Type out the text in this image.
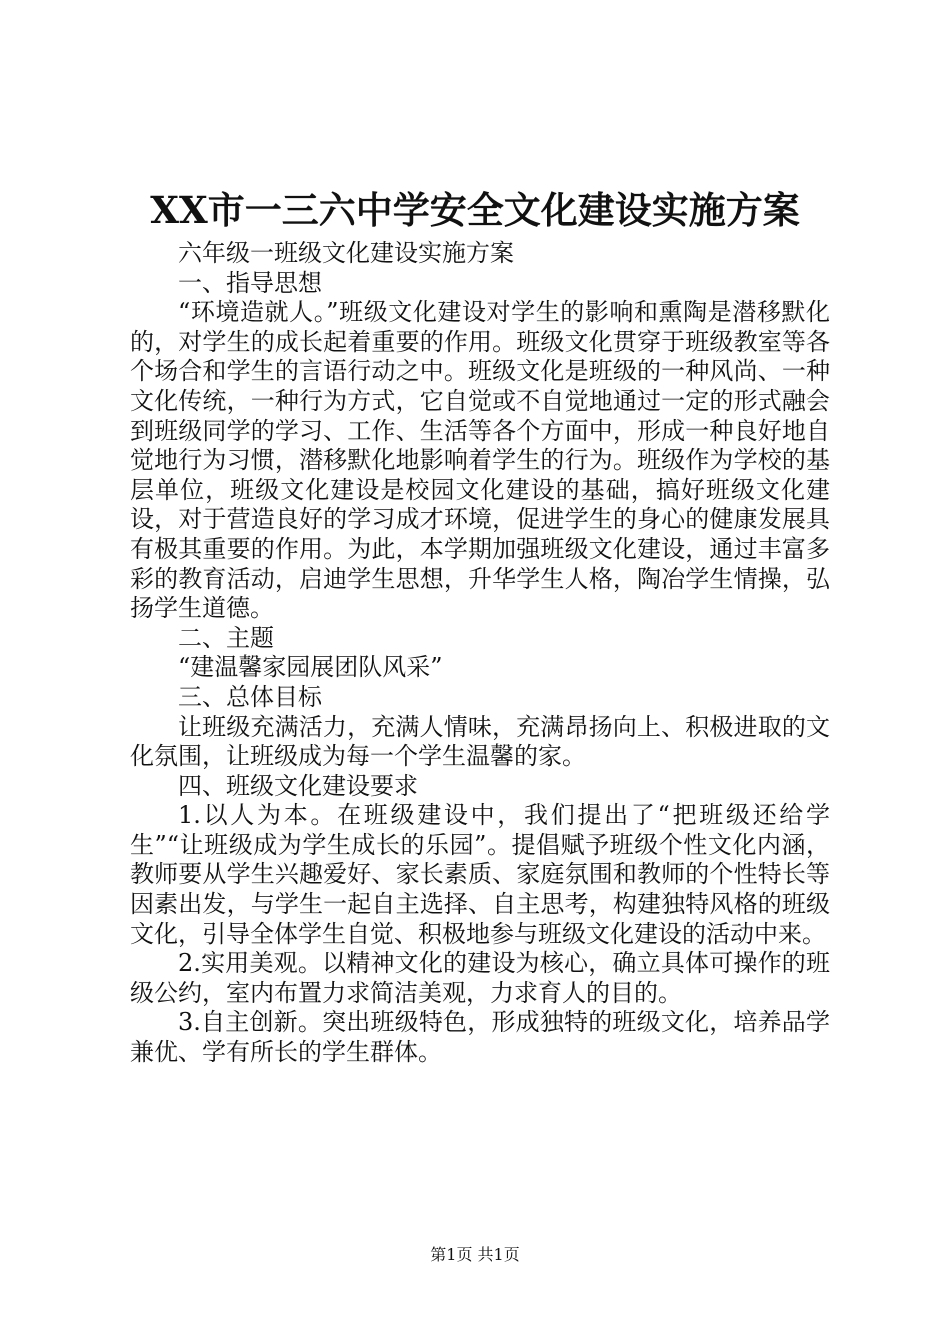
XX市一三六中学安全文化建设实施方案

六年级一班级文化建设实施方案

一、指导思想

“环境造就人。”班级文化建设对学生的影响和熏陶是潜移默化的，对学生的成长起着重要的作用。班级文化贯穿于班级教室等各个场合和学生的言语行动之中。班级文化是班级的一种风尚、一种文化传统，一种行为方式，它自觉或不自觉地通过一定的形式融会到班级同学的学习、工作、生活等各个方面中，形成一种良好地自觉地行为习惯，潜移默化地影响着学生的行为。班级作为学校的基层单位，班级文化建设是校园文化建设的基础，搞好班级文化建设，对于营造良好的学习成才环境，促进学生的身心的健康发展具有极其重要的作用。为此，本学期加强班级文化建设，通过丰富多彩的教育活动，启迪学生思想，升华学生人格，陶冶学生情操，弘扬学生道德。

二、主题

“建温馨家园展团队风采”

三、总体目标

让班级充满活力，充满人情味，充满昂扬向上、积极进取的文化氛围，让班级成为每一个学生温馨的家。

四、班级文化建设要求

1.以人为本。在班级建设中，我们提出了“把班级还给学生”“让班级成为学生成长的乐园”。提倡赋予班级个性文化内涵，教师要从学生兴趣爱好、家长素质、家庭氛围和教师的个性特长等因素出发，与学生一起自主选择、自主思考，构建独特风格的班级文化，引导全体学生自觉、积极地参与班级文化建设的活动中来。

2.实用美观。以精神文化的建设为核心，确立具体可操作的班级公约，室内布置力求简洁美观，力求育人的目的。

3.自主创新。突出班级特色，形成独特的班级文化，培养品学兼优、学有所长的学生群体。

第1页 共1页
